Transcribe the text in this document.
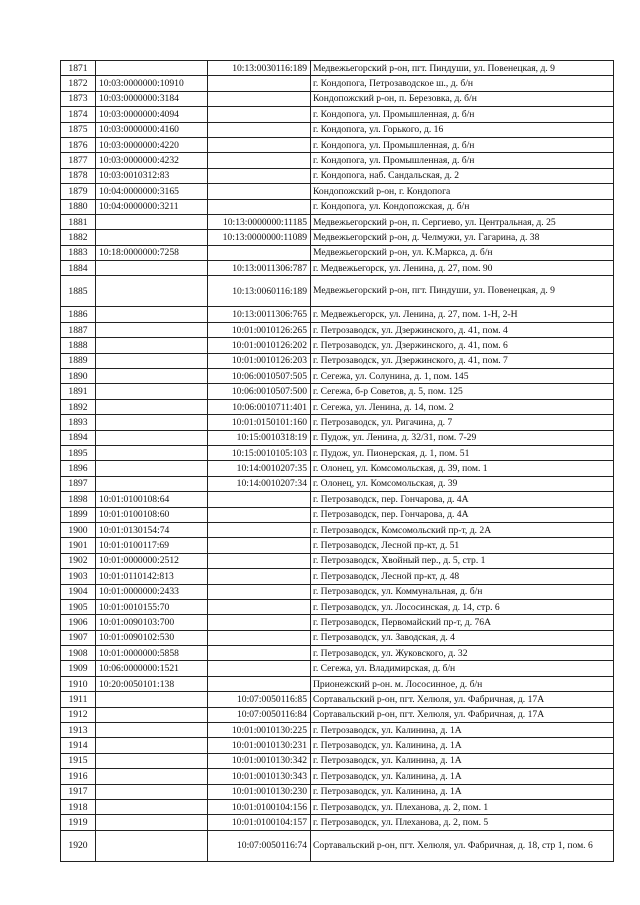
1871		10:13:0030116:189	Медвежьегорский р-он, пгт. Пиндуши, ул. Повенецкая, д. 9
1872	10:03:0000000:10910		г. Кондопога, Петрозаводское ш., д. б/н
1873	10:03:0000000:3184		Кондопожский р-он, п. Березовка, д. б/н
1874	10:03:0000000:4094		г. Кондопога, ул. Промышленная, д. б/н
1875	10:03:0000000:4160		г. Кондопога, ул. Горького, д. 16
1876	10:03:0000000:4220		г. Кондопога, ул. Промышленная, д. б/н
1877	10:03:0000000:4232		г. Кондопога, ул. Промышленная, д. б/н
1878	10:03:0010312:83		г. Кондопога, наб. Сандальская, д. 2
1879	10:04:0000000:3165		Кондопожский р-он, г. Кондопога
1880	10:04:0000000:3211		г. Кондопога, ул. Кондопожская, д. б/н
1881		10:13:0000000:11185	Медвежьегорский р-он, п. Сергиево, ул. Центральная, д. 25
1882		10:13:0000000:11089	Медвежьегорский р-он, д. Челмужи, ул. Гагарина, д. 38
1883	10:18:0000000:7258		Медвежьегорский р-он, ул. К.Маркса, д. б/н
1884		10:13:0011306:787	г. Медвежьегорск, ул. Ленина, д. 27, пом. 90
1885		10:13:0060116:189	Медвежьегорский р-он, пгт. Пиндуши, ул. Повенецкая, д. 9
1886		10:13:0011306:765	г. Медвежьегорск, ул. Ленина, д. 27, пом. 1-Н, 2-Н
1887		10:01:0010126:265	г. Петрозаводск, ул. Дзержинского, д. 41, пом. 4
1888		10:01:0010126:202	г. Петрозаводск, ул. Дзержинского, д. 41, пом. 6
1889		10:01:0010126:203	г. Петрозаводск, ул. Дзержинского, д. 41, пом. 7
1890		10:06:0010507:505	г. Сегежа, ул. Солунина, д. 1, пом. 145
1891		10:06:0010507:500	г. Сегежа, б-р Советов, д. 5, пом. 125
1892		10:06:0010711:401	г. Сегежа, ул. Ленина, д. 14, пом. 2
1893		10:01:0150101:160	г. Петрозаводск, ул. Ригачина, д. 7
1894		10:15:0010318:19	г. Пудож, ул. Ленина, д. 32/31, пом. 7-29
1895		10:15:0010105:103	г. Пудож, ул. Пионерская, д. 1, пом. 51
1896		10:14:0010207:35	г. Олонец, ул. Комсомольская, д. 39, пом. 1
1897		10:14:0010207:34	г. Олонец, ул. Комсомольская, д. 39
1898	10:01:0100108:64		г. Петрозаводск, пер. Гончарова, д. 4А
1899	10:01:0100108:60		г. Петрозаводск, пер. Гончарова, д. 4А
1900	10:01:0130154:74		г. Петрозаводск, Комсомольский пр-т, д. 2А
1901	10:01:0100117:69		г. Петрозаводск, Лесной пр-кт, д. 51
1902	10:01:0000000:2512		г. Петрозаводск, Хвойный пер., д. 5, стр. 1
1903	10:01:0110142:813		г. Петрозаводск, Лесной пр-кт, д. 48
1904	10:01:0000000:2433		г. Петрозаводск, ул. Коммунальная, д. б/н
1905	10:01:0010155:70		г. Петрозаводск, ул. Лососинская, д. 14, стр. 6
1906	10:01:0090103:700		г. Петрозаводск, Первомайский пр-т, д. 76А
1907	10:01:0090102:530		г. Петрозаводск, ул. Заводская, д. 4
1908	10:01:0000000:5858		г. Петрозаводск, ул. Жуковского, д. 32
1909	10:06:0000000:1521		г. Сегежа, ул. Владимирская, д. б/н
1910	10:20:0050101:138		Прионежский р-он. м. Лососинное, д. б/н
1911		10:07:0050116:85	Сортавальский р-он, пгт. Хелюля, ул. Фабричная, д. 17А
1912		10:07:0050116:84	Сортавальский р-он, пгт. Хелюля, ул. Фабричная, д. 17А
1913		10:01:0010130:225	г. Петрозаводск, ул. Калинина, д. 1А
1914		10:01:0010130:231	г. Петрозаводск, ул. Калинина, д. 1А
1915		10:01:0010130:342	г. Петрозаводск, ул. Калинина, д. 1А
1916		10:01:0010130:343	г. Петрозаводск, ул. Калинина, д. 1А
1917		10:01:0010130:230	г. Петрозаводск, ул. Калинина, д. 1А
1918		10:01:0100104:156	г. Петрозаводск, ул. Плеханова, д. 2, пом. 1
1919		10:01:0100104:157	г. Петрозаводск, ул. Плеханова, д. 2, пом. 5
1920		10:07:0050116:74	Сортавальский р-он, пгт. Хелюля, ул. Фабричная, д. 18, стр 1, пом. 6
